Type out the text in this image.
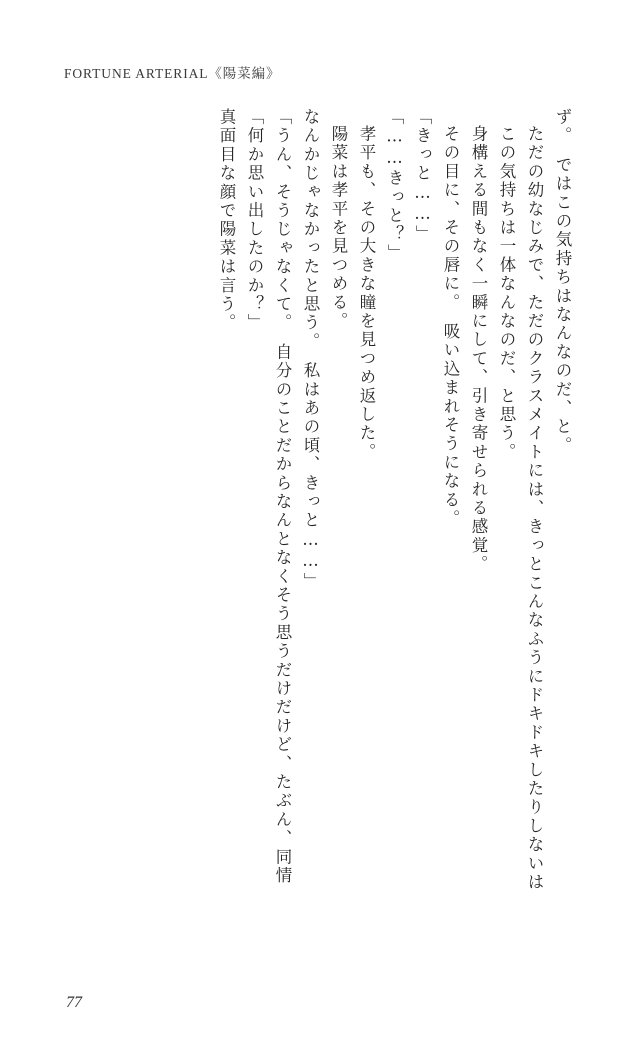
FORTUNE ARTERIAL《陽菜編》
真面目な顔で陽菜は言う。 「何か思い出したのか？」 「うん、そうじゃなくて。　自分のことだからなんとなくそう思うだけだけど、たぶん、同情 なんかじゃなかったと思う。　私はあの頃、きっと……」 陽菜は孝平を見つめる。 孝平も、その大きな瞳を見つめ返した。 「……きっと？」 「きっと……」 その目に、その唇に。　吸い込まれそうになる。 身構える間もなく一瞬にして、引き寄せられる感覚。 この気持ちは一体なんなのだ、と思う。 ただの幼なじみで、ただのクラスメイトには、きっとこんなふうにドキドキしたりしないは ず。　ではこの気持ちはなんなのだ、と。
77
